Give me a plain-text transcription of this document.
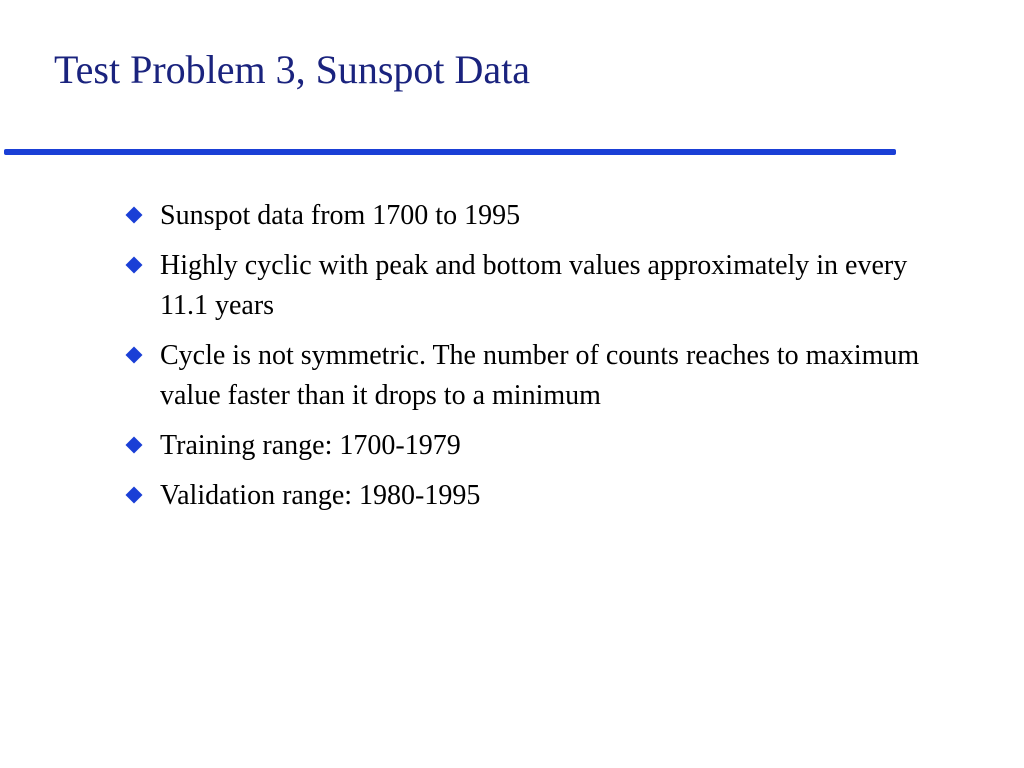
Test Problem 3, Sunspot Data
Sunspot data from 1700 to 1995
Highly cyclic with peak and bottom values approximately in every 11.1 years
Cycle is not symmetric. The number of counts reaches to maximum value faster than it drops to a minimum
Training range: 1700-1979
Validation range: 1980-1995
